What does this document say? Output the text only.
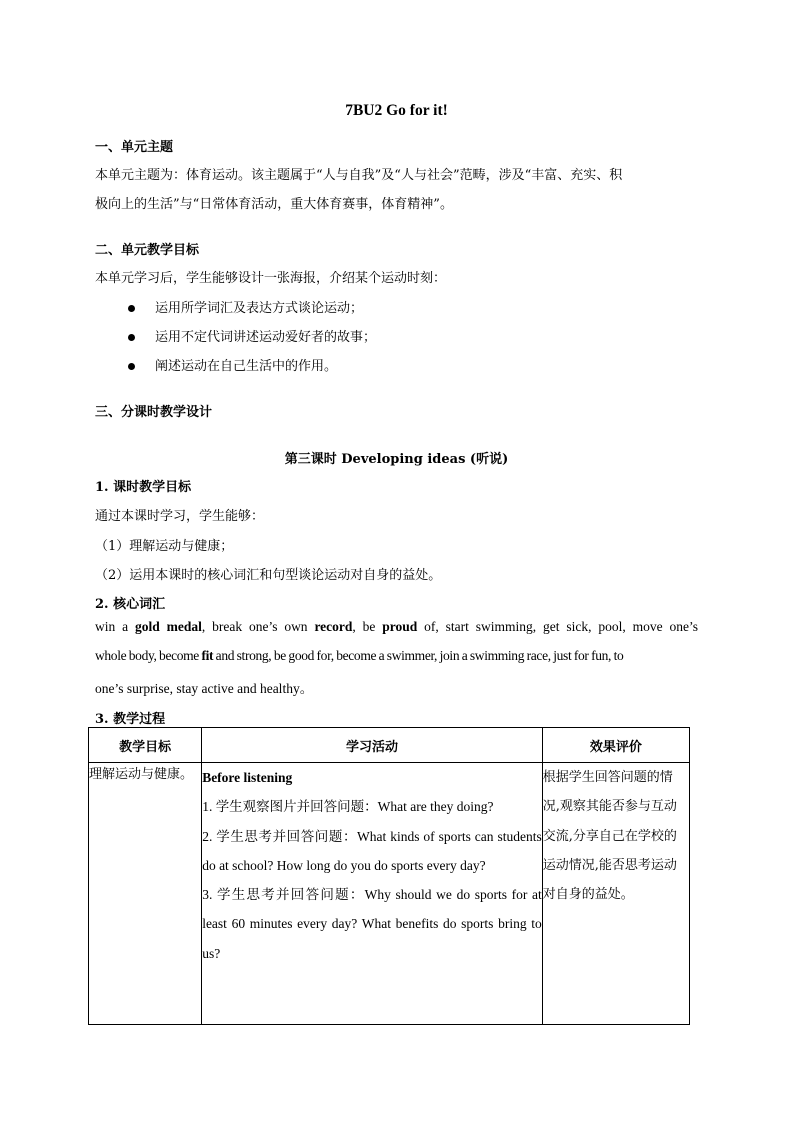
7BU2 Go for it!
一、单元主题
本单元主题为：体育运动。该主题属于“人与自我”及“人与社会”范畴，涉及“丰富、充实、积
极向上的生活”与“日常体育活动，重大体育赛事，体育精神”。
二、单元教学目标
本单元学习后，学生能够设计一张海报，介绍某个运动时刻：
运用所学词汇及表达方式谈论运动；
运用不定代词讲述运动爱好者的故事；
阐述运动在自己生活中的作用。
三、分课时教学设计
第三课时 Developing ideas (听说)
1. 课时教学目标
通过本课时学习，学生能够：
（1）理解运动与健康；
（2）运用本课时的核心词汇和句型谈论运动对自身的益处。
2. 核心词汇
win a gold medal, break one’s own record, be proud of, start swimming, get sick, pool, move one’s
whole body, become fit and strong, be good for, become a swimmer, join a swimming race, just for fun, to
one’s surprise, stay active and healthy。
3. 教学过程
教学目标	学习活动	效果评价
理解运动与健康。	Before listening
1. 学生观察图片并回答问题：What are they doing?
2. 学生思考并回答问题：What kinds of sports can students do at school? How long do you do sports every day?
3. 学生思考并回答问题：Why should we do sports for at least 60 minutes every day? What benefits do sports bring to us?	根据学生回答问题的情况,观察其能否参与互动交流,分享自己在学校的运动情况,能否思考运动对自身的益处。
